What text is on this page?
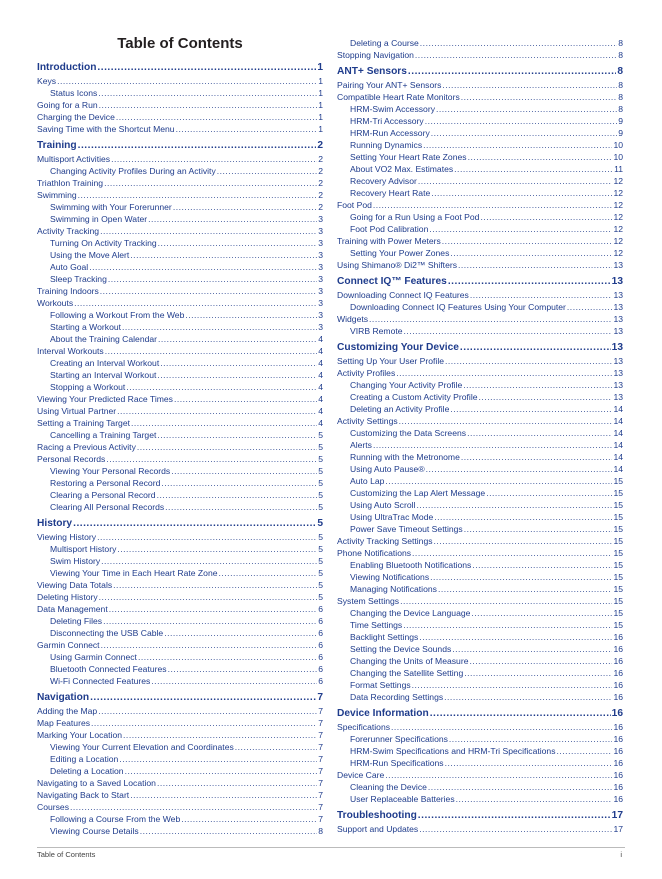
Table of Contents
Introduction .....	1
Keys .....	1
Status Icons .....	1
Going for a Run .....	1
Charging the Device .....	1
Saving Time with the Shortcut Menu .....	1
Training .....	2
Multisport Activities .....	2
Changing Activity Profiles During an Activity .....	2
Triathlon Training .....	2
Swimming .....	2
Swimming with Your Forerunner .....	2
Swimming in Open Water .....	3
Activity Tracking .....	3
Turning On Activity Tracking .....	3
Using the Move Alert .....	3
Auto Goal .....	3
Sleep Tracking .....	3
Training Indoors .....	3
Workouts .....	3
Following a Workout From the Web .....	3
Starting a Workout .....	3
About the Training Calendar .....	4
Interval Workouts .....	4
Creating an Interval Workout .....	4
Starting an Interval Workout .....	4
Stopping a Workout .....	4
Viewing Your Predicted Race Times .....	4
Using Virtual Partner .....	4
Setting a Training Target .....	4
Cancelling a Training Target .....	5
Racing a Previous Activity .....	5
Personal Records .....	5
Viewing Your Personal Records .....	5
Restoring a Personal Record .....	5
Clearing a Personal Record .....	5
Clearing All Personal Records .....	5
History .....	5
Viewing History .....	5
Multisport History .....	5
Swim History .....	5
Viewing Your Time in Each Heart Rate Zone .....	5
Viewing Data Totals .....	5
Deleting History .....	5
Data Management .....	6
Deleting Files .....	6
Disconnecting the USB Cable .....	6
Garmin Connect .....	6
Using Garmin Connect .....	6
Bluetooth Connected Features .....	6
Wi-Fi Connected Features .....	6
Navigation .....	7
Adding the Map .....	7
Map Features .....	7
Marking Your Location .....	7
Viewing Your Current Elevation and Coordinates .....	7
Editing a Location .....	7
Deleting a Location .....	7
Navigating to a Saved Location .....	7
Navigating Back to Start .....	7
Courses .....	7
Following a Course From the Web .....	7
Viewing Course Details .....	8
Deleting a Course .....	8
Stopping Navigation .....	8
ANT+ Sensors .....	8
Pairing Your ANT+ Sensors .....	8
Compatible Heart Rate Monitors .....	8
HRM-Swim Accessory .....	8
HRM-Tri Accessory .....	9
HRM-Run Accessory .....	9
Running Dynamics .....	10
Setting Your Heart Rate Zones .....	10
About VO2 Max. Estimates .....	11
Recovery Advisor .....	12
Recovery Heart Rate .....	12
Foot Pod .....	12
Going for a Run Using a Foot Pod .....	12
Foot Pod Calibration .....	12
Training with Power Meters .....	12
Setting Your Power Zones .....	12
Using Shimano® Di2™ Shifters .....	13
Connect IQ™ Features .....	13
Downloading Connect IQ Features .....	13
Downloading Connect IQ Features Using Your Computer .....	13
Widgets .....	13
VIRB Remote .....	13
Customizing Your Device .....	13
Setting Up Your User Profile .....	13
Activity Profiles .....	13
Changing Your Activity Profile .....	13
Creating a Custom Activity Profile .....	13
Deleting an Activity Profile .....	14
Activity Settings .....	14
Customizing the Data Screens .....	14
Alerts .....	14
Running with the Metronome .....	14
Using Auto Pause® .....	14
Auto Lap .....	15
Customizing the Lap Alert Message .....	15
Using Auto Scroll .....	15
Using UltraTrac Mode .....	15
Power Save Timeout Settings .....	15
Activity Tracking Settings .....	15
Phone Notifications .....	15
Enabling Bluetooth Notifications .....	15
Viewing Notifications .....	15
Managing Notifications .....	15
System Settings .....	15
Changing the Device Language .....	15
Time Settings .....	15
Backlight Settings .....	16
Setting the Device Sounds .....	16
Changing the Units of Measure .....	16
Changing the Satellite Setting .....	16
Format Settings .....	16
Data Recording Settings .....	16
Device Information .....	16
Specifications .....	16
Forerunner Specifications .....	16
HRM-Swim Specifications and HRM-Tri Specifications .....	16
HRM-Run Specifications .....	16
Device Care .....	16
Cleaning the Device .....	16
User Replaceable Batteries .....	16
Troubleshooting .....	17
Support and Updates .....	17
Table of Contents	i
